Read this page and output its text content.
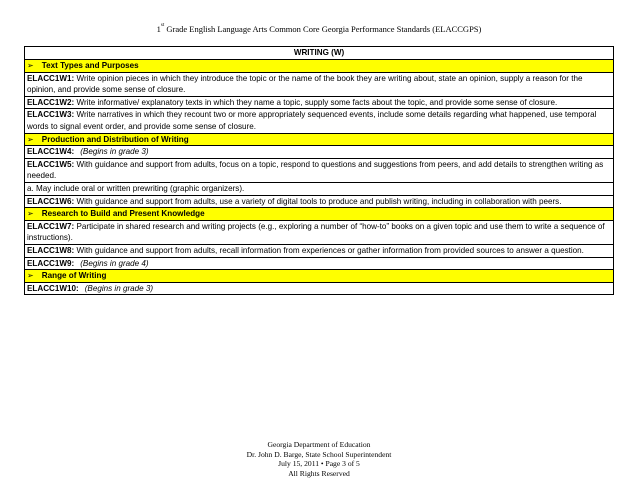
1st Grade English Language Arts Common Core Georgia Performance Standards (ELACCGPS)
WRITING (W)
➢ Text Types and Purposes
ELACC1W1: Write opinion pieces in which they introduce the topic or the name of the book they are writing about, state an opinion, supply a reason for the opinion, and provide some sense of closure.
ELACC1W2: Write informative/ explanatory texts in which they name a topic, supply some facts about the topic, and provide some sense of closure.
ELACC1W3: Write narratives in which they recount two or more appropriately sequenced events, include some details regarding what happened, use temporal words to signal event order, and provide some sense of closure.
➢ Production and Distribution of Writing
ELACC1W4: (Begins in grade 3)
ELACC1W5: With guidance and support from adults, focus on a topic, respond to questions and suggestions from peers, and add details to strengthen writing as needed.
a. May include oral or written prewriting (graphic organizers).
ELACC1W6: With guidance and support from adults, use a variety of digital tools to produce and publish writing, including in collaboration with peers.
➢ Research to Build and Present Knowledge
ELACC1W7: Participate in shared research and writing projects (e.g., exploring a number of “how-to” books on a given topic and use them to write a sequence of instructions).
ELACC1W8: With guidance and support from adults, recall information from experiences or gather information from provided sources to answer a question.
ELACC1W9: (Begins in grade 4)
➢ Range of Writing
ELACC1W10: (Begins in grade 3)
Georgia Department of Education
Dr. John D. Barge, State School Superintendent
July 15, 2011 • Page 3 of 5
All Rights Reserved
